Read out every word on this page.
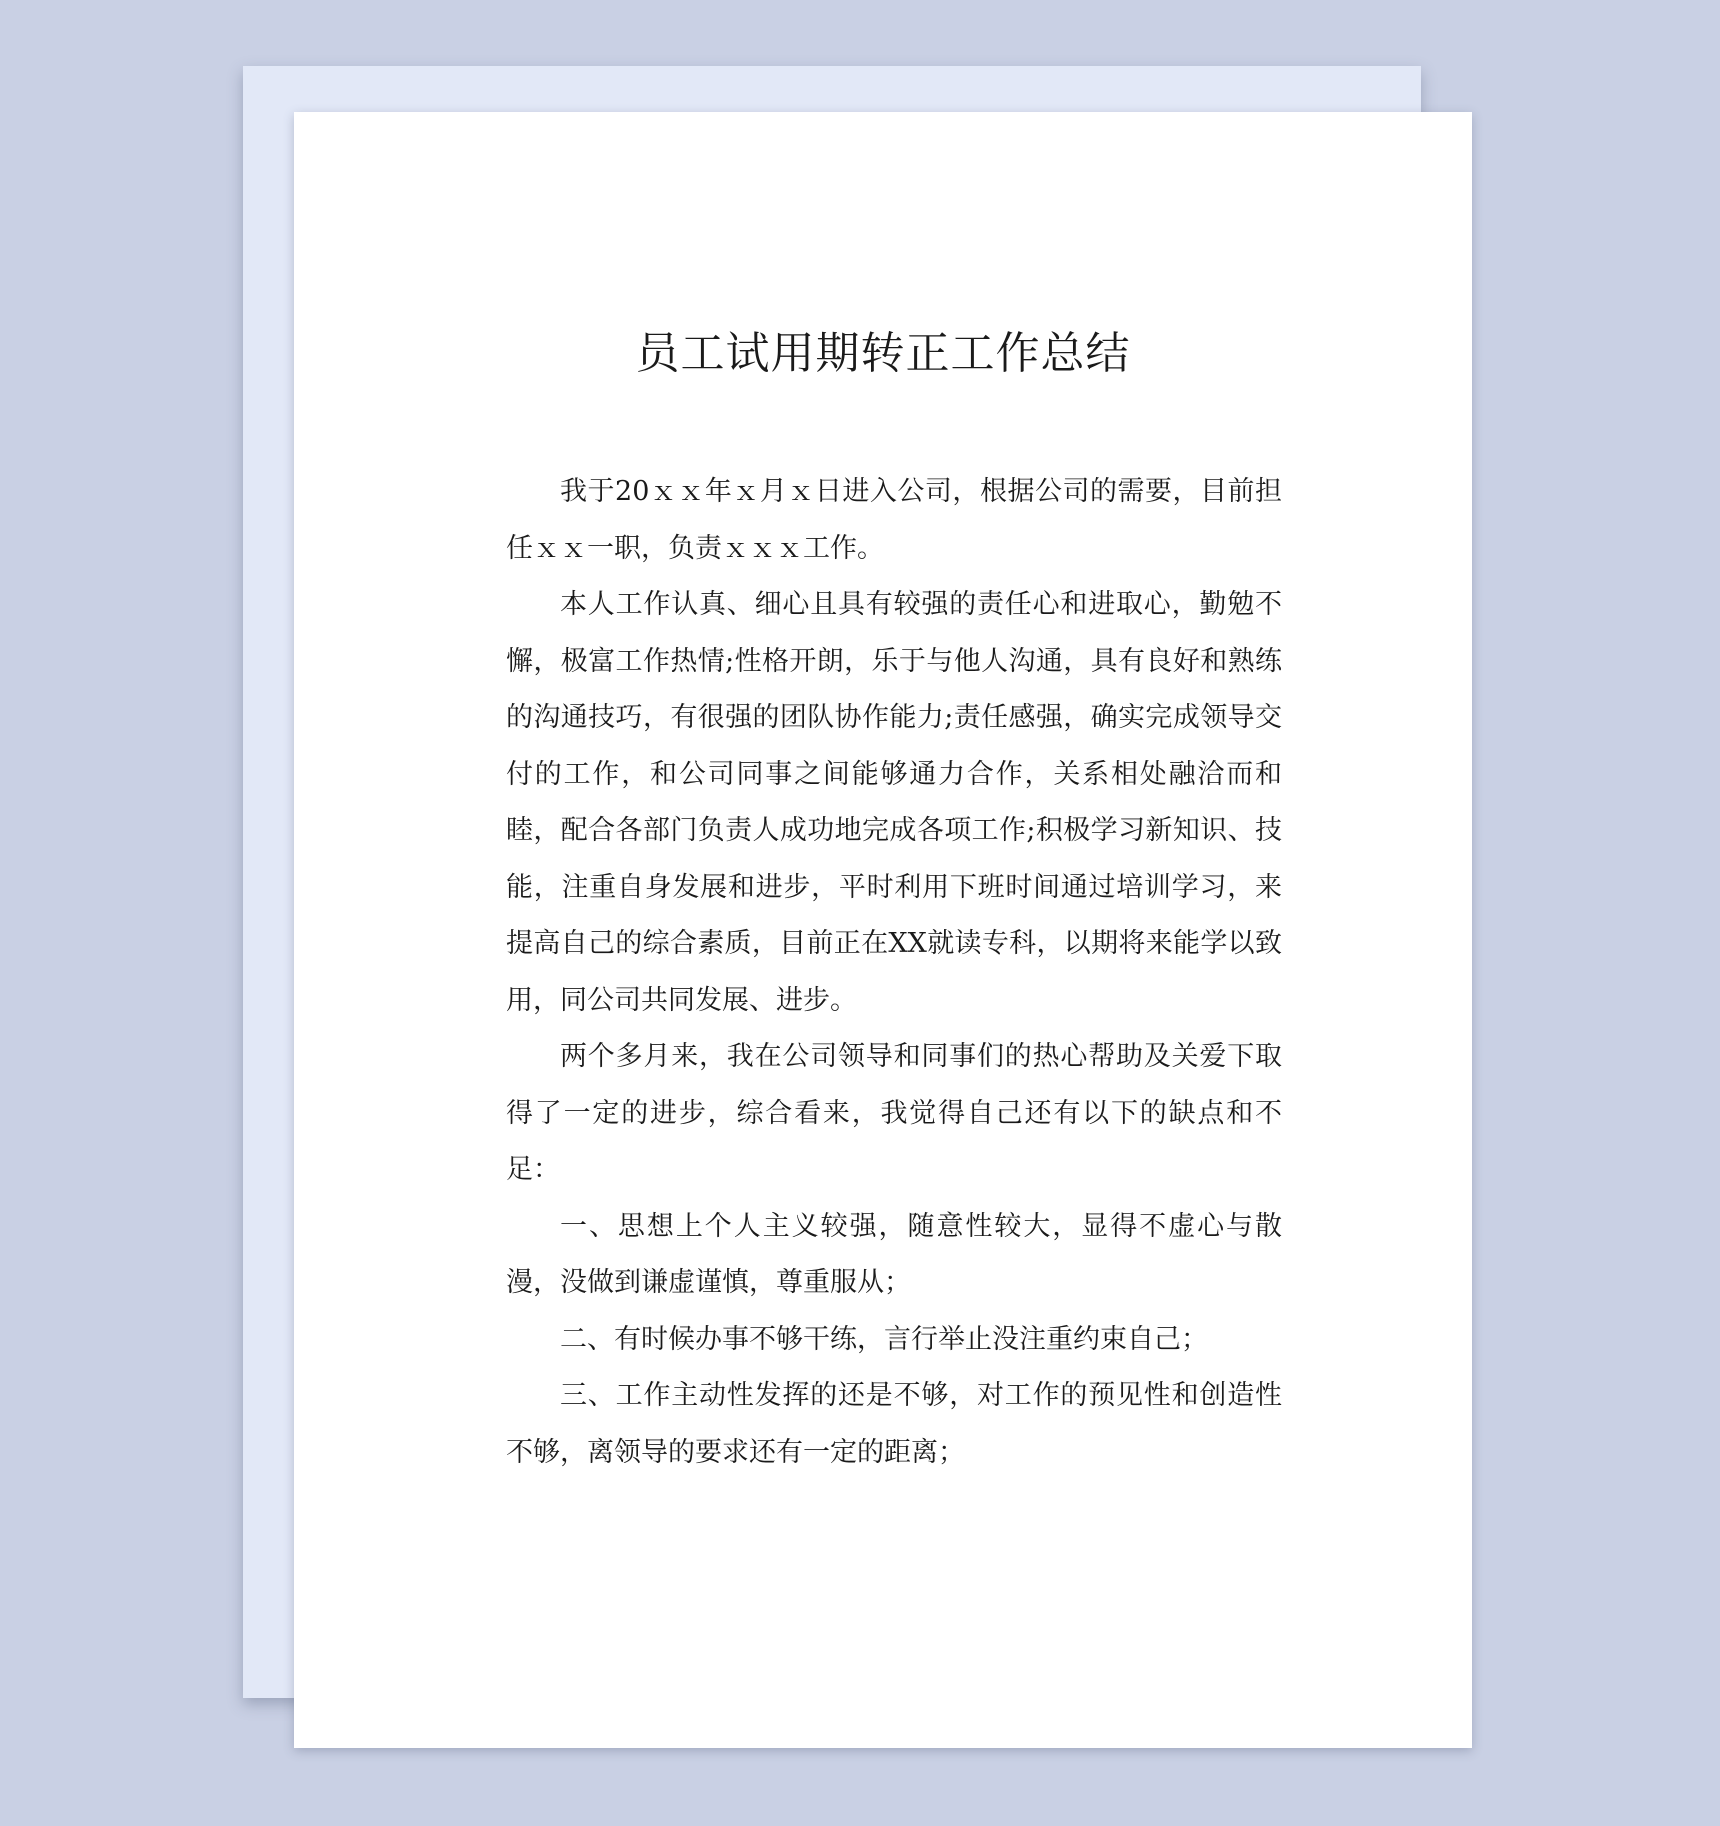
员工试用期转正工作总结

我于20ｘｘ年ｘ月ｘ日进入公司，根据公司的需要，目前担任ｘｘ一职，负责ｘｘｘ工作。

本人工作认真、细心且具有较强的责任心和进取心，勤勉不懈，极富工作热情;性格开朗，乐于与他人沟通，具有良好和熟练的沟通技巧，有很强的团队协作能力;责任感强，确实完成领导交付的工作，和公司同事之间能够通力合作，关系相处融洽而和睦，配合各部门负责人成功地完成各项工作;积极学习新知识、技能，注重自身发展和进步，平时利用下班时间通过培训学习，来提高自己的综合素质，目前正在XX就读专科，以期将来能学以致用，同公司共同发展、进步。

两个多月来，我在公司领导和同事们的热心帮助及关爱下取得了一定的进步，综合看来，我觉得自己还有以下的缺点和不足：

一、思想上个人主义较强，随意性较大，显得不虚心与散漫，没做到谦虚谨慎，尊重服从；

二、有时候办事不够干练，言行举止没注重约束自己；

三、工作主动性发挥的还是不够，对工作的预见性和创造性不够，离领导的要求还有一定的距离；
